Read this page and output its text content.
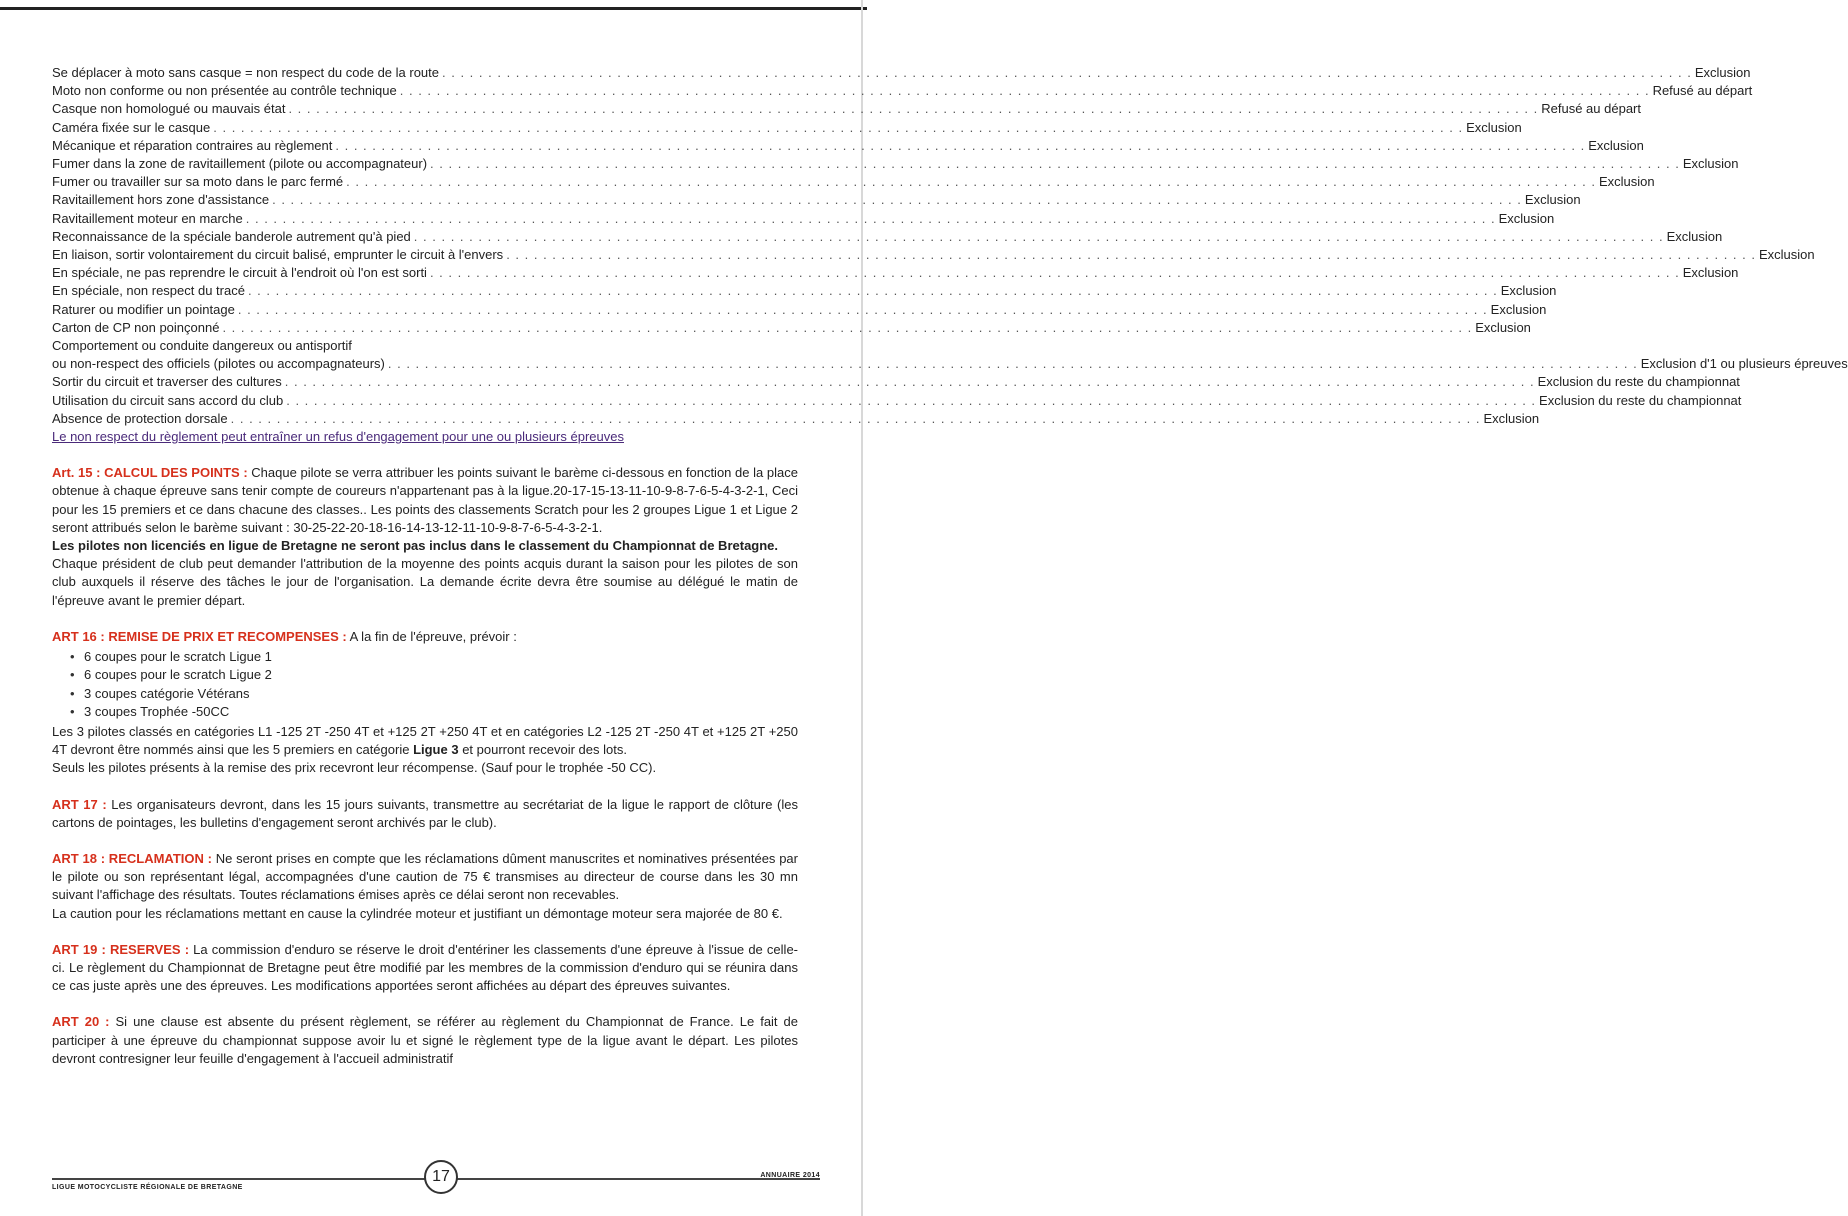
Se déplacer à moto sans casque = non respect du code de la route . . .	Exclusion
Moto non conforme ou non présentée au contrôle technique . . .	Refusé au départ
Casque non homologué ou mauvais état . . .	Refusé au départ
Caméra fixée sur le casque . . .	Exclusion
Mécanique et réparation contraires au règlement . . .	Exclusion
Fumer dans la zone de ravitaillement (pilote ou accompagnateur) . . .	Exclusion
Fumer ou travailler sur sa moto dans le parc fermé . . .	Exclusion
Ravitaillement hors zone d'assistance . . .	Exclusion
Ravitaillement moteur en marche . . .	Exclusion
Reconnaissance de la spéciale banderole autrement qu'à pied . . .	Exclusion
En liaison, sortir volontairement du circuit balisé, emprunter le circuit à l'envers . . .	Exclusion
En spéciale, ne pas reprendre le circuit à l'endroit où l'on est sorti . . .	Exclusion
En spéciale, non respect du tracé . . .	Exclusion
Raturer ou modifier un pointage . . .	Exclusion
Carton de CP non poinçonné . . .	Exclusion
Comportement ou conduite dangereux ou antisportif
ou non-respect des officiels (pilotes ou accompagnateurs) . . .	Exclusion d'1 ou plusieurs épreuves
Sortir du circuit et traverser des cultures . . .	Exclusion du reste du championnat
Utilisation du circuit sans accord du club . . .	Exclusion du reste du championnat
Absence de protection dorsale . . .	Exclusion
Le non respect du règlement peut entraîner un refus d'engagement pour une ou plusieurs épreuves

Art. 15 : CALCUL DES POINTS : Chaque pilote se verra attribuer les points suivant le barème ci-dessous en fonction de la place obtenue à chaque épreuve sans tenir compte de coureurs n'appartenant pas à la ligue.20-17-15-13-11-10-9-8-7-6-5-4-3-2-1, Ceci pour les 15 premiers et ce dans chacune des classes.. Les points des classements Scratch pour les 2 groupes Ligue 1 et Ligue 2 seront attribués selon le barème suivant : 30-25-22-20-18-16-14-13-12-11-10-9-8-7-6-5-4-3-2-1.

Les pilotes non licenciés en ligue de Bretagne ne seront pas inclus dans le classement du Championnat de Bretagne.

Chaque président de club peut demander l'attribution de la moyenne des points acquis durant la saison pour les pilotes de son club auxquels il réserve des tâches le jour de l'organisation. La demande écrite devra être soumise au délégué le matin de l'épreuve avant le premier départ.

ART 16 : REMISE DE PRIX ET RECOMPENSES : A la fin de l'épreuve, prévoir :

• 6 coupes pour le scratch Ligue 1
• 6 coupes pour le scratch Ligue 2
• 3 coupes catégorie Vétérans
• 3 coupes Trophée -50CC

Les 3 pilotes classés en catégories L1 -125 2T -250 4T et +125 2T +250 4T et en catégories L2 -125 2T -250 4T et +125 2T +250 4T devront être nommés ainsi que les 5 premiers en catégorie Ligue 3 et pourront recevoir des lots.

Seuls les pilotes présents à la remise des prix recevront leur récompense. (Sauf pour le trophée -50 CC).

ART 17 : Les organisateurs devront, dans les 15 jours suivants, transmettre au secrétariat de la ligue le rapport de clôture (les cartons de pointages, les bulletins d'engagement seront archivés par le club).

ART 18 : RECLAMATION : Ne seront prises en compte que les réclamations dûment manuscrites et nominatives présentées par le pilote ou son représentant légal, accompagnées d'une caution de 75 € transmises au directeur de course dans les 30 mn suivant l'affichage des résultats. Toutes réclamations émises après ce délai seront non recevables.

La caution pour les réclamations mettant en cause la cylindrée moteur et justifiant un démontage moteur sera majorée de 80 €.

ART 19 : RESERVES : La commission d'enduro se réserve le droit d'entériner les classements d'une épreuve à l'issue de celle-ci. Le règlement du Championnat de Bretagne peut être modifié par les membres de la commission d'enduro qui se réunira dans ce cas juste après une des épreuves. Les modifications apportées seront affichées au départ des épreuves suivantes.

ART 20 : Si une clause est absente du présent règlement, se référer au règlement du Championnat de France. Le fait de participer à une épreuve du championnat suppose avoir lu et signé le règlement type de la ligue avant le départ. Les pilotes devront contresigner leur feuille d'engagement à l'accueil administratif

LIGUE MOTOCYCLISTE RÉGIONALE DE BRETAGNE
17	ANNUAIRE 2014
